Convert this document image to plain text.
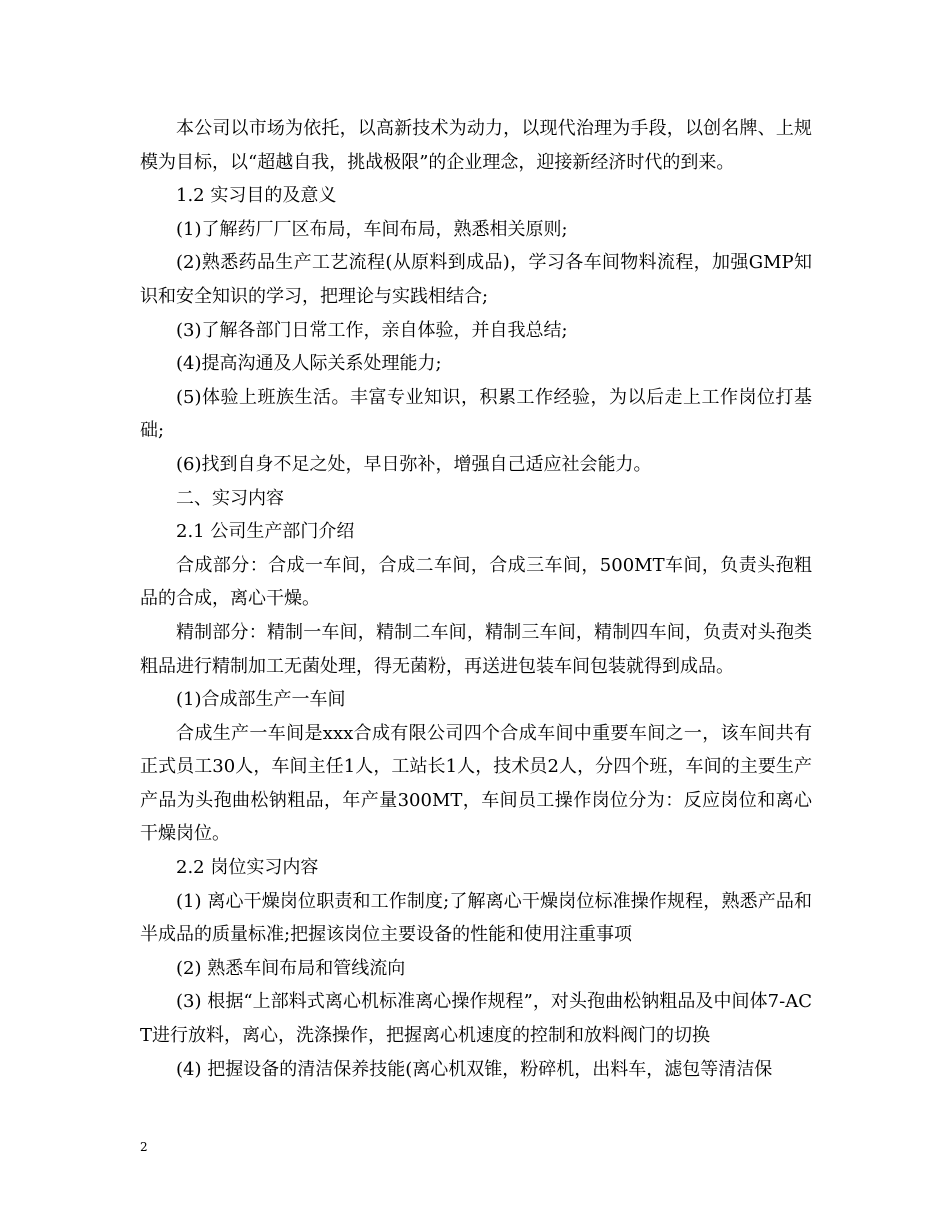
本公司以市场为依托，以高新技术为动力，以现代治理为手段，以创名牌、上规模为目标，以“超越自我，挑战极限”的企业理念，迎接新经济时代的到来。

1.2 实习目的及意义

(1)了解药厂厂区布局，车间布局，熟悉相关原则;

(2)熟悉药品生产工艺流程(从原料到成品)，学习各车间物料流程，加强GMP知识和安全知识的学习，把理论与实践相结合;

(3)了解各部门日常工作，亲自体验，并自我总结;

(4)提高沟通及人际关系处理能力;

(5)体验上班族生活。丰富专业知识，积累工作经验，为以后走上工作岗位打基础;

(6)找到自身不足之处，早日弥补，增强自己适应社会能力。

二、实习内容

2.1 公司生产部门介绍

合成部分：合成一车间，合成二车间，合成三车间，500MT车间，负责头孢粗品的合成，离心干燥。

精制部分：精制一车间，精制二车间，精制三车间，精制四车间，负责对头孢类粗品进行精制加工无菌处理，得无菌粉，再送进包装车间包装就得到成品。

(1)合成部生产一车间

合成生产一车间是xxx合成有限公司四个合成车间中重要车间之一，该车间共有正式员工30人，车间主任1人，工站长1人，技术员2人，分四个班，车间的主要生产产品为头孢曲松钠粗品，年产量300MT，车间员工操作岗位分为：反应岗位和离心干燥岗位。

2.2 岗位实习内容

(1) 离心干燥岗位职责和工作制度;了解离心干燥岗位标准操作规程，熟悉产品和半成品的质量标准;把握该岗位主要设备的性能和使用注重事项

(2) 熟悉车间布局和管线流向

(3) 根据“上部料式离心机标准离心操作规程”，对头孢曲松钠粗品及中间体7-ACT进行放料，离心，洗涤操作，把握离心机速度的控制和放料阀门的切换

(4) 把握设备的清洁保养技能(离心机双锥，粉碎机，出料车，滤包等清洁保

2
